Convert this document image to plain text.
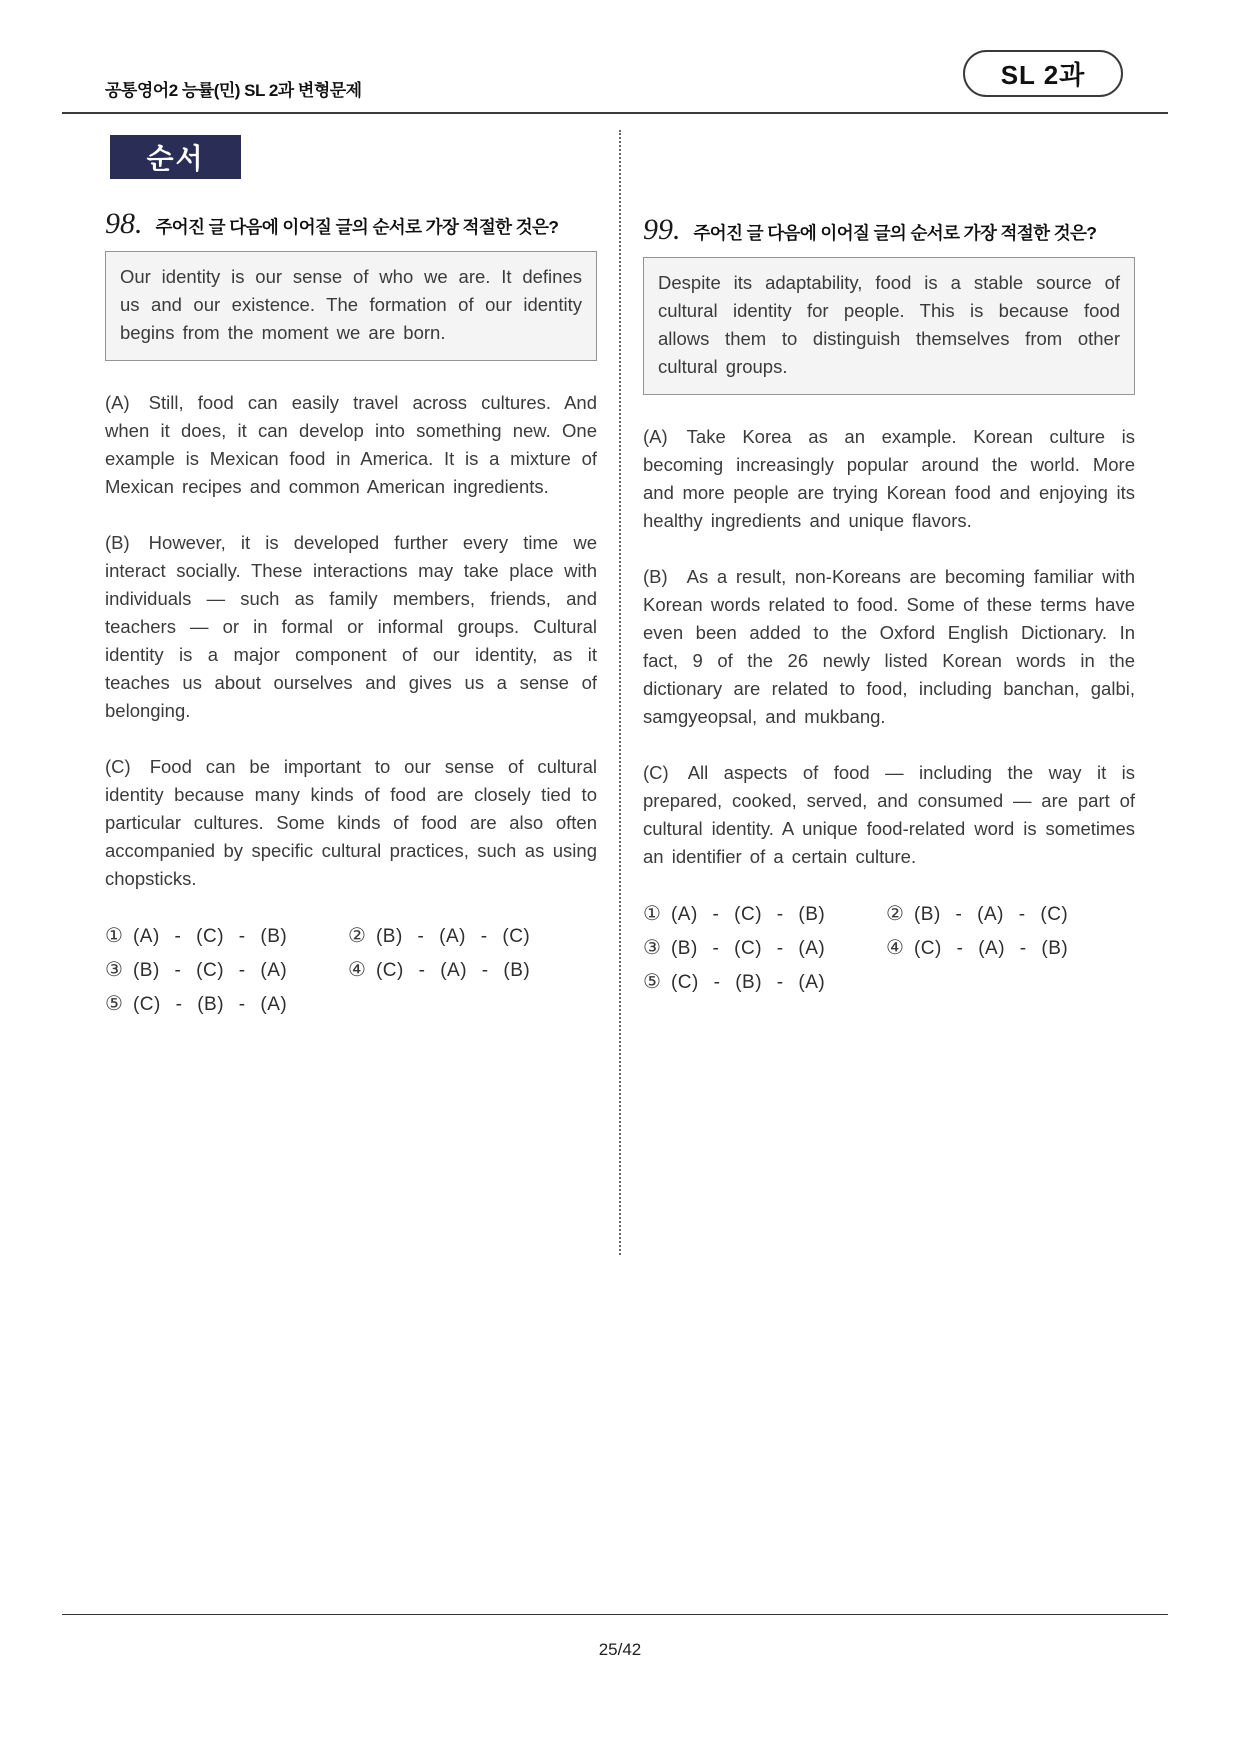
SL 2과
공통영어2 능률(민) SL 2과 변형문제
순서
98. 주어진 글 다음에 이어질 글의 순서로 가장 적절한 것은?

Our identity is our sense of who we are. It defines us and our existence. The formation of our identity begins from the moment we are born.

(A) Still, food can easily travel across cultures. And when it does, it can develop into something new. One example is Mexican food in America. It is a mixture of Mexican recipes and common American ingredients.

(B) However, it is developed further every time we interact socially. These interactions may take place with individuals — such as family members, friends, and teachers — or in formal or informal groups. Cultural identity is a major component of our identity, as it teaches us about ourselves and gives us a sense of belonging.

(C) Food can be important to our sense of cultural identity because many kinds of food are closely tied to particular cultures. Some kinds of food are also often accompanied by specific cultural practices, such as using chopsticks.

① (A) - (C) - (B)	② (B) - (A) - (C)
③ (B) - (C) - (A)	④ (C) - (A) - (B)
⑤ (C) - (B) - (A)
99. 주어진 글 다음에 이어질 글의 순서로 가장 적절한 것은?

Despite its adaptability, food is a stable source of cultural identity for people. This is because food allows them to distinguish themselves from other cultural groups.

(A) Take Korea as an example. Korean culture is becoming increasingly popular around the world. More and more people are trying Korean food and enjoying its healthy ingredients and unique flavors.

(B) As a result, non-Koreans are becoming familiar with Korean words related to food. Some of these terms have even been added to the Oxford English Dictionary. In fact, 9 of the 26 newly listed Korean words in the dictionary are related to food, including banchan, galbi, samgyeopsal, and mukbang.

(C) All aspects of food — including the way it is prepared, cooked, served, and consumed — are part of cultural identity. A unique food-related word is sometimes an identifier of a certain culture.

① (A) - (C) - (B)	② (B) - (A) - (C)
③ (B) - (C) - (A)	④ (C) - (A) - (B)
⑤ (C) - (B) - (A)
25/42
